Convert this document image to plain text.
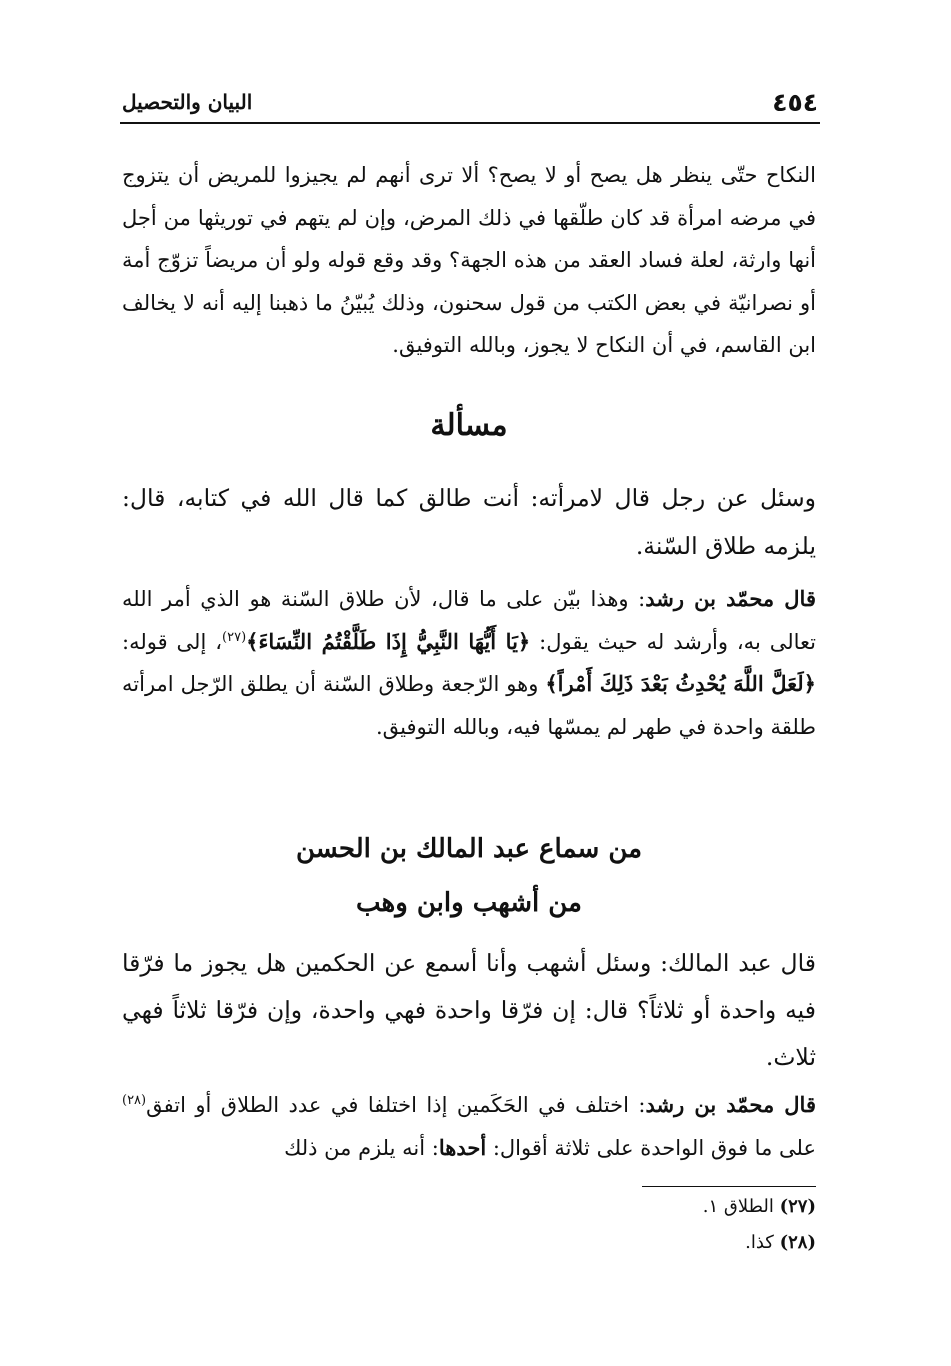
٤٥٤
البيان والتحصيل
النكاح حتّى ينظر هل يصح أو لا يصح؟ ألا ترى أنهم لم يجيزوا للمريض أن يتزوج في مرضه امرأة قد كان طلّقها في ذلك المرض، وإن لم يتهم في توريثها من أجل أنها وارثة، لعلة فساد العقد من هذه الجهة؟ وقد وقع قوله ولو أن مريضاً تزوّج أمة أو نصرانيّة في بعض الكتب من قول سحنون، وذلك يُبيّنُ ما ذهبنا إليه أنه لا يخالف ابن القاسم، في أن النكاح لا يجوز، وبالله التوفيق.
مسألة
وسئل عن رجل قال لامرأته: أنت طالق كما قال الله في كتابه، قال: يلزمه طلاق السّنة.
قال محمّد بن رشد: وهذا بيّن على ما قال، لأن طلاق السّنة هو الذي أمر الله تعالى به، وأرشد له حيث يقول: ﴿يَا أَيُّهَا النَّبِيُّ إِذَا طَلَّقْتُمُ النِّسَاءَ﴾$^{(٢٧)}$، إلى قوله: ﴿لَعَلَّ اللَّهَ يُحْدِثُ بَعْدَ ذَلِكَ أَمْراً﴾ وهو الرّجعة وطلاق السّنة أن يطلق الرّجل امرأته طلقة واحدة في طهر لم يمسّها فيه، وبالله التوفيق.
من سماع عبد المالك بن الحسن
من أشهب وابن وهب
قال عبد المالك: وسئل أشهب وأنا أسمع عن الحكمين هل يجوز ما فرّقا فيه واحدة أو ثلاثاً؟ قال: إن فرّقا واحدة فهي واحدة، وإن فرّقا ثلاثاً فهي ثلاث.
قال محمّد بن رشد: اختلف في الحَكَمين إذا اختلفا في عدد الطلاق أو اتفق$^{(٢٨)}$ على ما فوق الواحدة على ثلاثة أقوال: أحدها: أنه يلزم من ذلك
(٢٧) الطلاق ١.
(٢٨) كذا.
